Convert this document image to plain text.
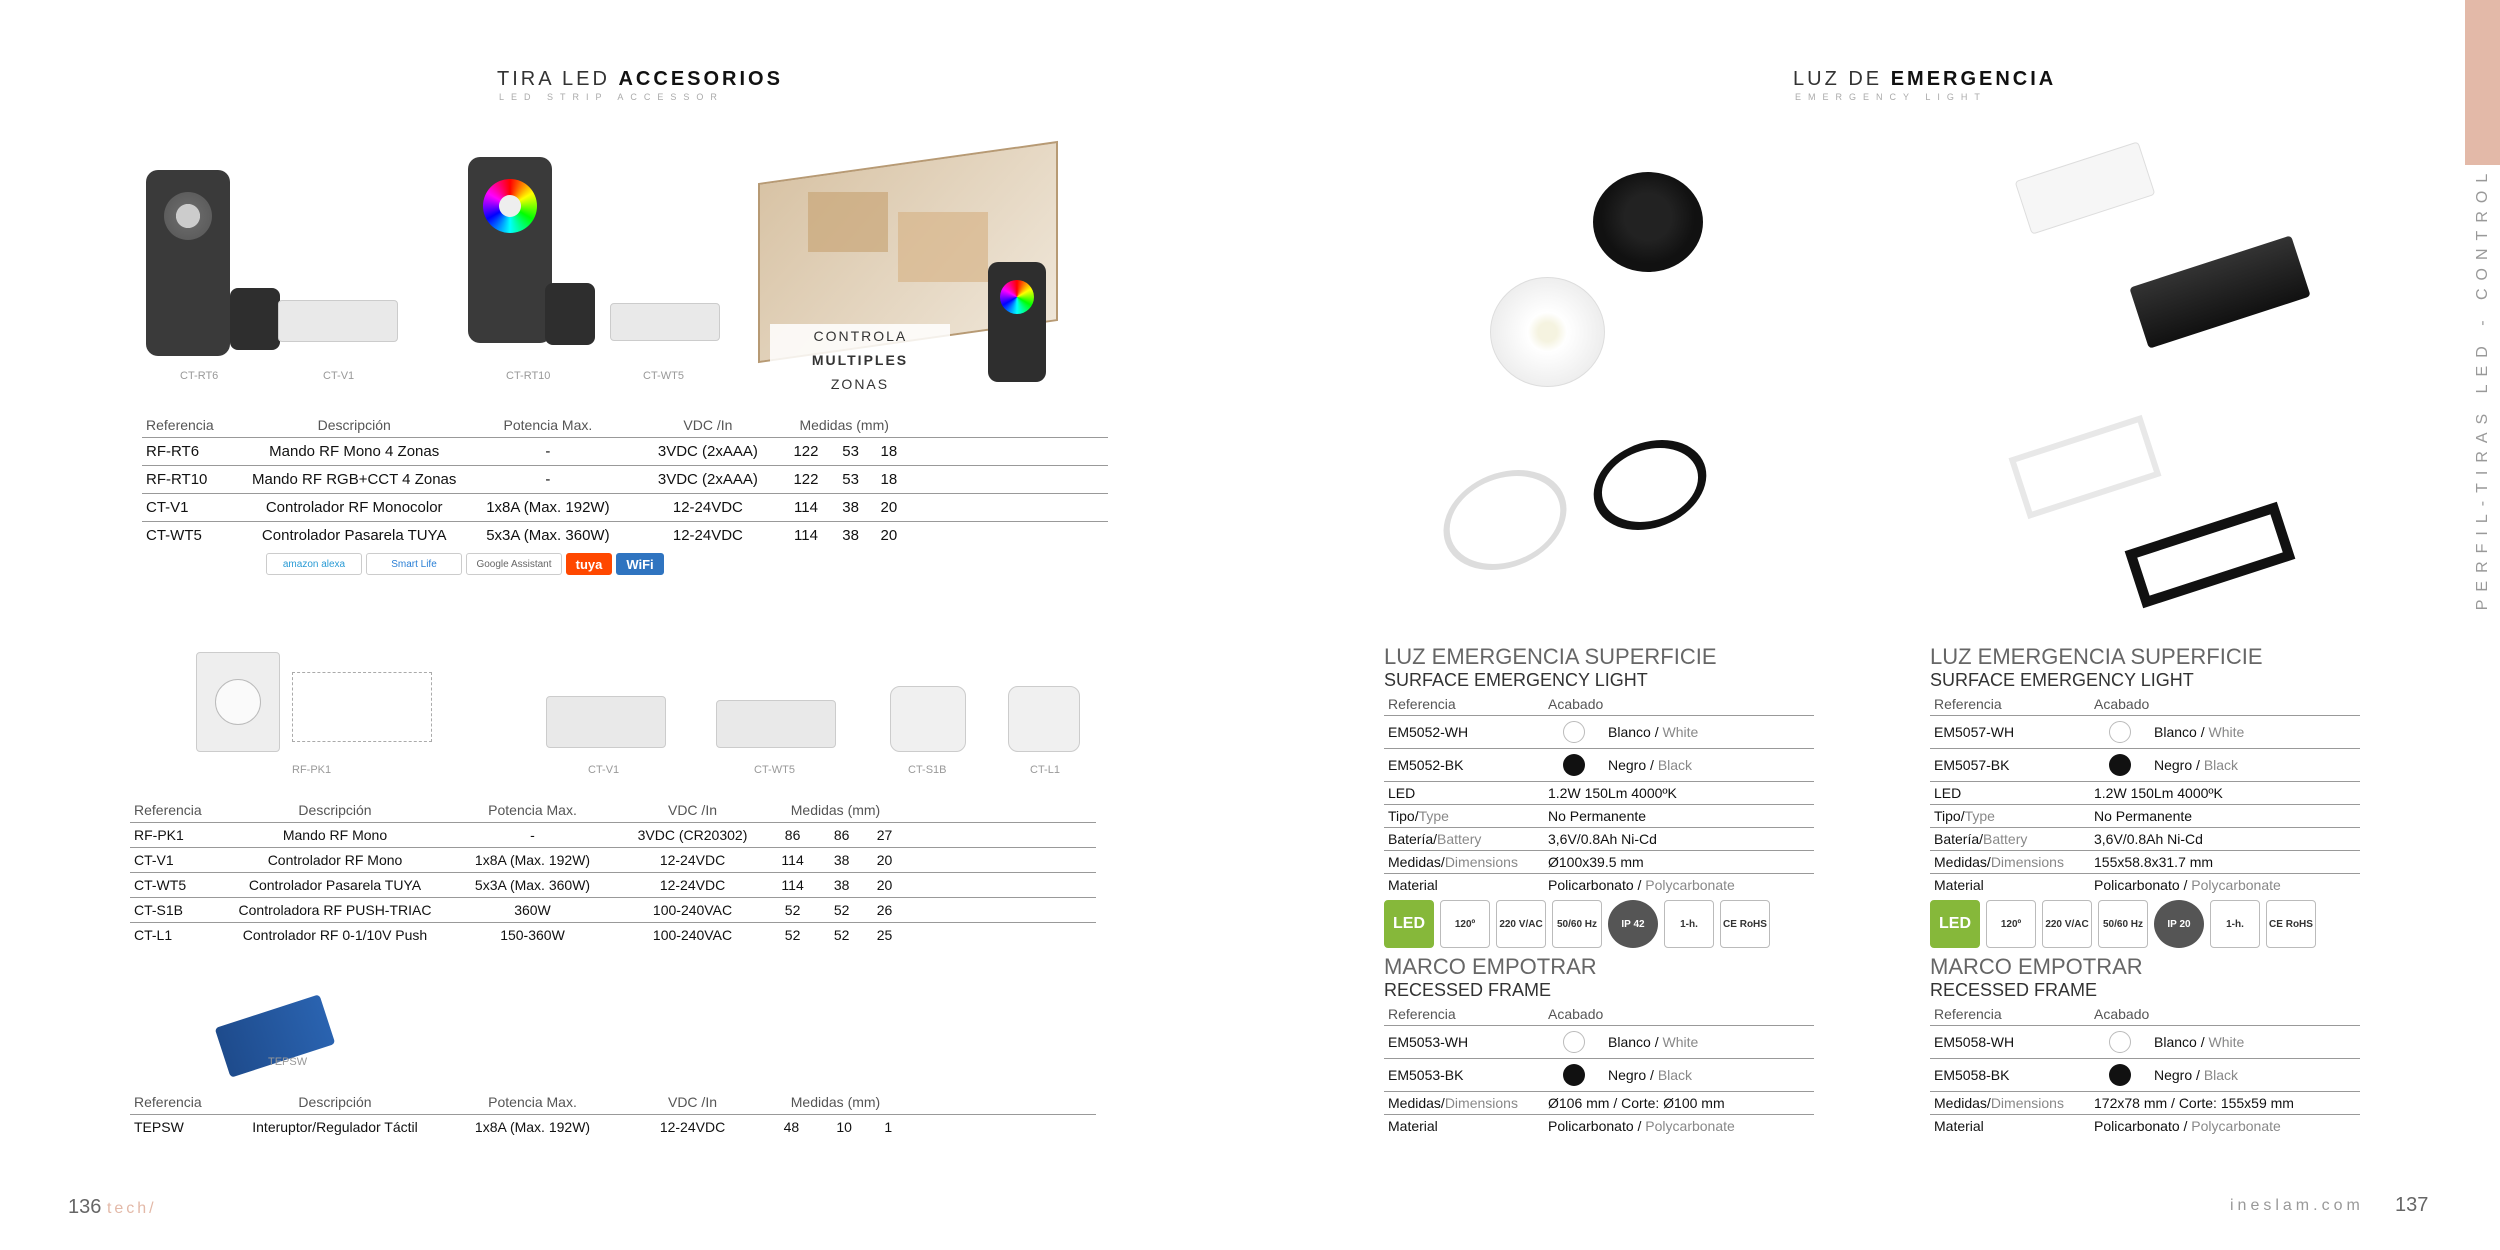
TIRA LED ACCESORIOS
LED STRIP ACCESSOR
CT-RT6	CT-V1	CT-RT10	CT-WT5
CONTROLA MULTIPLES
ZONAS
Referencia	Descripción	Potencia Max.	VDC /In	Medidas (mm)			
RF-RT6	Mando RF Mono 4 Zonas	-	3VDC (2xAAA)	122	53	18	
RF-RT10	Mando RF RGB+CCT 4 Zonas	-	3VDC (2xAAA)	122	53	18	
CT-V1	Controlador RF Monocolor	1x8A (Max. 192W)	12-24VDC	114	38	20	
CT-WT5	Controlador Pasarela TUYA	5x3A (Max. 360W)	12-24VDC	114	38	20	
amazon alexa	Smart Life	Google Assistant	tuya	WiFi
RF-PK1	CT-V1	CT-WT5	CT-S1B	CT-L1
Referencia	Descripción	Potencia Max.	VDC /In	Medidas (mm)			
RF-PK1	Mando RF Mono	-	3VDC (CR20302)	86	86	27	
CT-V1	Controlador RF Mono	1x8A (Max. 192W)	12-24VDC	114	38	20	
CT-WT5	Controlador Pasarela TUYA	5x3A (Max. 360W)	12-24VDC	114	38	20	
CT-S1B	Controladora RF PUSH-TRIAC	360W	100-240VAC	52	52	26	
CT-L1	Controlador RF 0-1/10V Push	150-360W	100-240VAC	52	52	25	
TEPSW
Referencia	Descripción	Potencia Max.	VDC /In	Medidas (mm)			
TEPSW	Interuptor/Regulador Táctil	1x8A (Max. 192W)	12-24VDC	48	10	1	
136 tech/
LUZ DE EMERGENCIA
EMERGENCY LIGHT
PERFIL-TIRAS LED - CONTROL
LUZ EMERGENCIA SUPERFICIE
SURFACE EMERGENCY LIGHT
Referencia	Acabado	
EM5052-WH		Blanco / White
EM5052-BK		Negro / Black
LED	1.2W 150Lm 4000ºK	
Tipo/Type	No Permanente	
Batería/Battery	3,6V/0.8Ah Ni-Cd	
Medidas/Dimensions	Ø100x39.5 mm	
Material	Policarbonato / Polycarbonate	
LED	120º	220 V/AC	50/60 Hz	IP 42	1-h.	CE RoHS
MARCO EMPOTRAR
RECESSED FRAME
Referencia	Acabado	
EM5053-WH		Blanco / White
EM5053-BK		Negro / Black
Medidas/Dimensions	Ø106 mm / Corte: Ø100 mm	
Material	Policarbonato / Polycarbonate	
LUZ EMERGENCIA SUPERFICIE
SURFACE EMERGENCY LIGHT
Referencia	Acabado	
EM5057-WH		Blanco / White
EM5057-BK		Negro / Black
LED	1.2W 150Lm 4000ºK	
Tipo/Type	No Permanente	
Batería/Battery	3,6V/0.8Ah Ni-Cd	
Medidas/Dimensions	155x58.8x31.7 mm	
Material	Policarbonato / Polycarbonate	
LED	120º	220 V/AC	50/60 Hz	IP 20	1-h.	CE RoHS
MARCO EMPOTRAR
RECESSED FRAME
Referencia	Acabado	
EM5058-WH		Blanco / White
EM5058-BK		Negro / Black
Medidas/Dimensions	172x78 mm / Corte: 155x59 mm	
Material	Policarbonato / Polycarbonate	
ineslam.com 137
